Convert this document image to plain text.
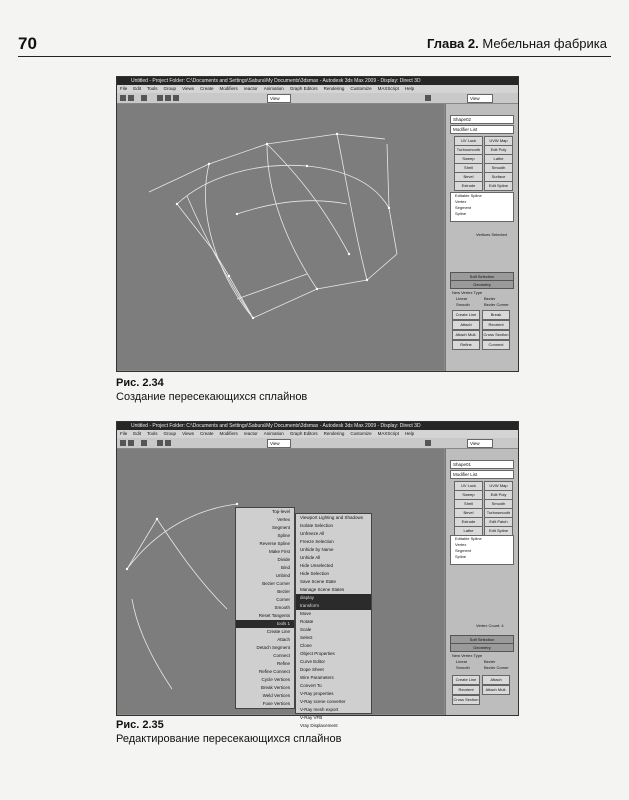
70	Глава 2. Мебельная фабрика
Untitled - Project Folder: C:\Documents and Settings\Sabura\My Documents\3dsmax - Autodesk 3ds Max 2009 - Display: Direct 3D
File Edit Tools Group Views Create Modifiers reactor Animation Graph Editors Rendering Customize MAXScript Help
View	View
Shape02
Modifier List
UV Lock	UVW Map
Turbosmooth	Edit Poly
Sweep	Lathe
Shell	Smooth
Bevel	Surface
Extrude	Edit Spline
Editable Spline
Vertex
Segment
Spline
Vertices Selected
Soft Selection
Geometry
New Vertex Type
Linear	Bezier
Smooth	Bezier Corner
Create Line	Break
Attach	Reorient
Attach Mult.	Cross Section
Refine	Connect
Рис. 2.34
Создание пересекающихся сплайнов
Untitled - Project Folder: C:\Documents and Settings\Sabura\My Documents\3dsmax - Autodesk 3ds Max 2009 - Display: Direct 3D
File Edit Tools Group Views Create Modifiers reactor Animation Graph Editors Rendering Customize MAXScript Help
View	View
Top-level
Vertex
Segment
Spline
Reverse Spline
Make First
Divide
Bind
Unbind
Bezier Corner
Bezier
Corner
Smooth
Reset Tangents
tools 1
Create Line
Attach
Detach Segment
Connect
Refine
Refine Connect
Cycle Vertices
Break Vertices
Weld Vertices
Fuse Vertices
Viewport Lighting and Shadows
Isolate Selection
Unfreeze All
Freeze Selection
Unhide by Name
Unhide All
Hide Unselected
Hide Selection
Save Scene State
Manage Scene States
display
transform
Move
Rotate
Scale
Select
Clone
Object Properties
Curve Editor
Dope Sheet
Wire Parameters
Convert To
V-Ray properties
V-Ray scene converter
V-Ray mesh export
V-Ray VFB
Vray Displacement
Shape01
Modifier List
UV Lock	UVW Map
Sweep	Edit Poly
Shell	Smooth
Bevel	Turbosmooth
Extrude	Edit Patch
Lathe	Edit Spline
Editable Spline
Vertex
Segment
Spline
Vertex Count: 4
Soft Selection
Geometry
New Vertex Type
Linear	Bezier
Smooth	Bezier Corner
Create Line	Attach
Reorient	Attach Mult.
Cross Section
Рис. 2.35
Редактирование пересекающихся сплайнов
